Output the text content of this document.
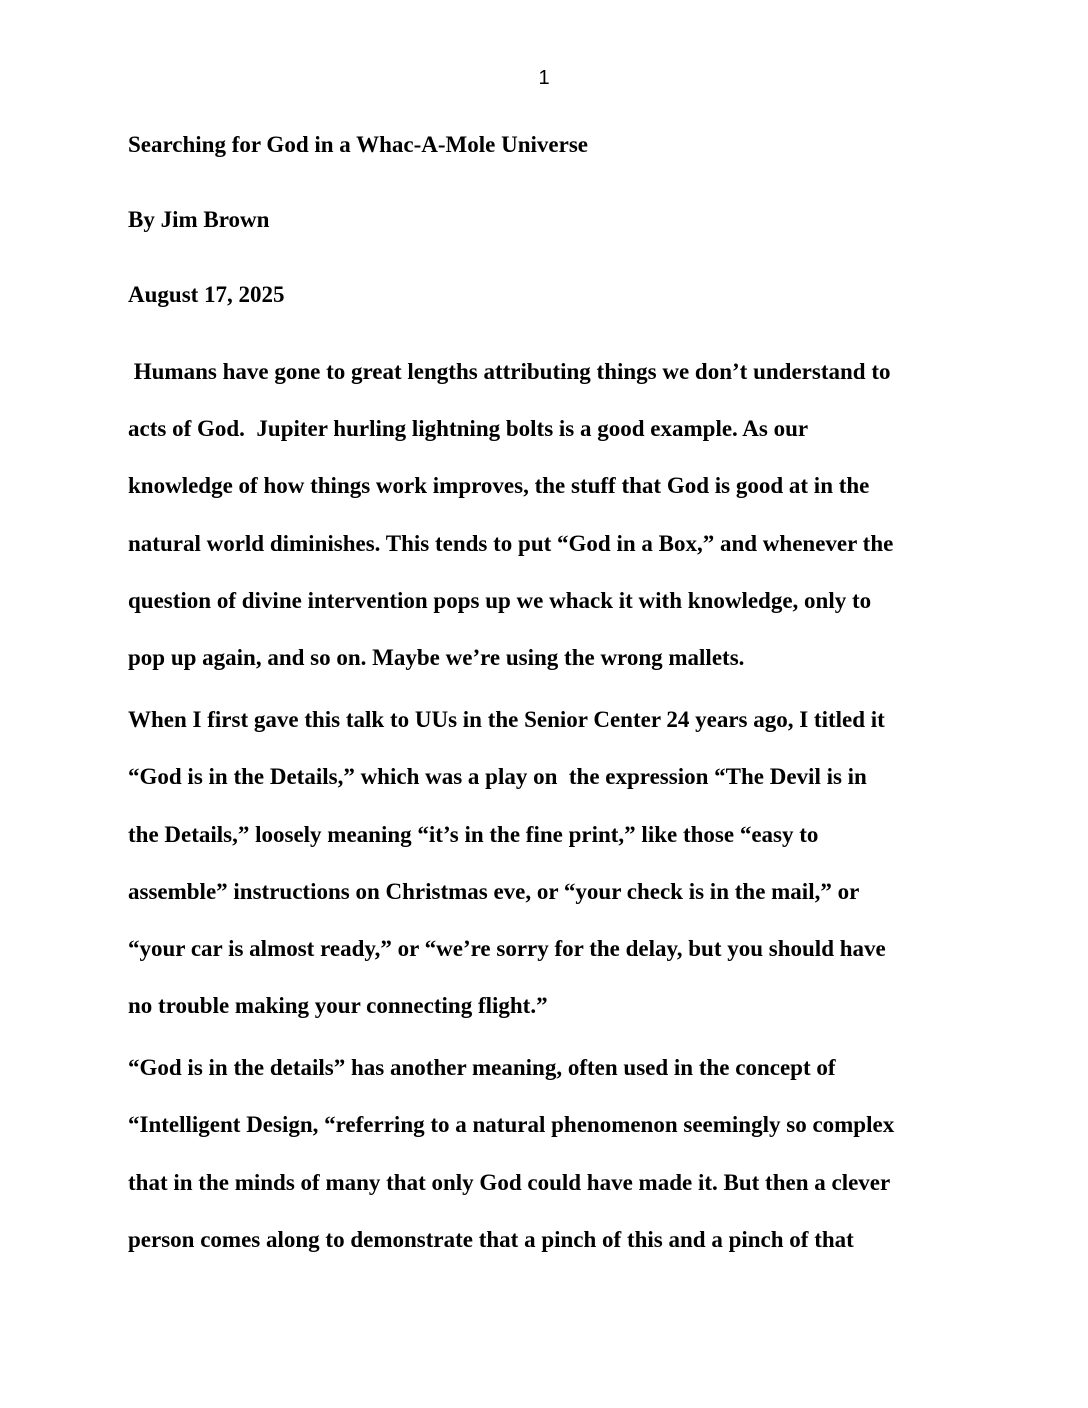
1

Searching for God in a Whac-A-Mole Universe

By Jim Brown

August 17, 2025

Humans have gone to great lengths attributing things we don’t understand to
acts of God.  Jupiter hurling lightning bolts is a good example. As our
knowledge of how things work improves, the stuff that God is good at in the
natural world diminishes. This tends to put “God in a Box,” and whenever the
question of divine intervention pops up we whack it with knowledge, only to
pop up again, and so on. Maybe we’re using the wrong mallets.
When I first gave this talk to UUs in the Senior Center 24 years ago, I titled it
“God is in the Details,” which was a play on  the expression “The Devil is in
the Details,” loosely meaning “it’s in the fine print,” like those “easy to
assemble” instructions on Christmas eve, or “your check is in the mail,” or
“your car is almost ready,” or “we’re sorry for the delay, but you should have
no trouble making your connecting flight.”
“God is in the details” has another meaning, often used in the concept of
“Intelligent Design, “referring to a natural phenomenon seemingly so complex
that in the minds of many that only God could have made it. But then a clever
person comes along to demonstrate that a pinch of this and a pinch of that
